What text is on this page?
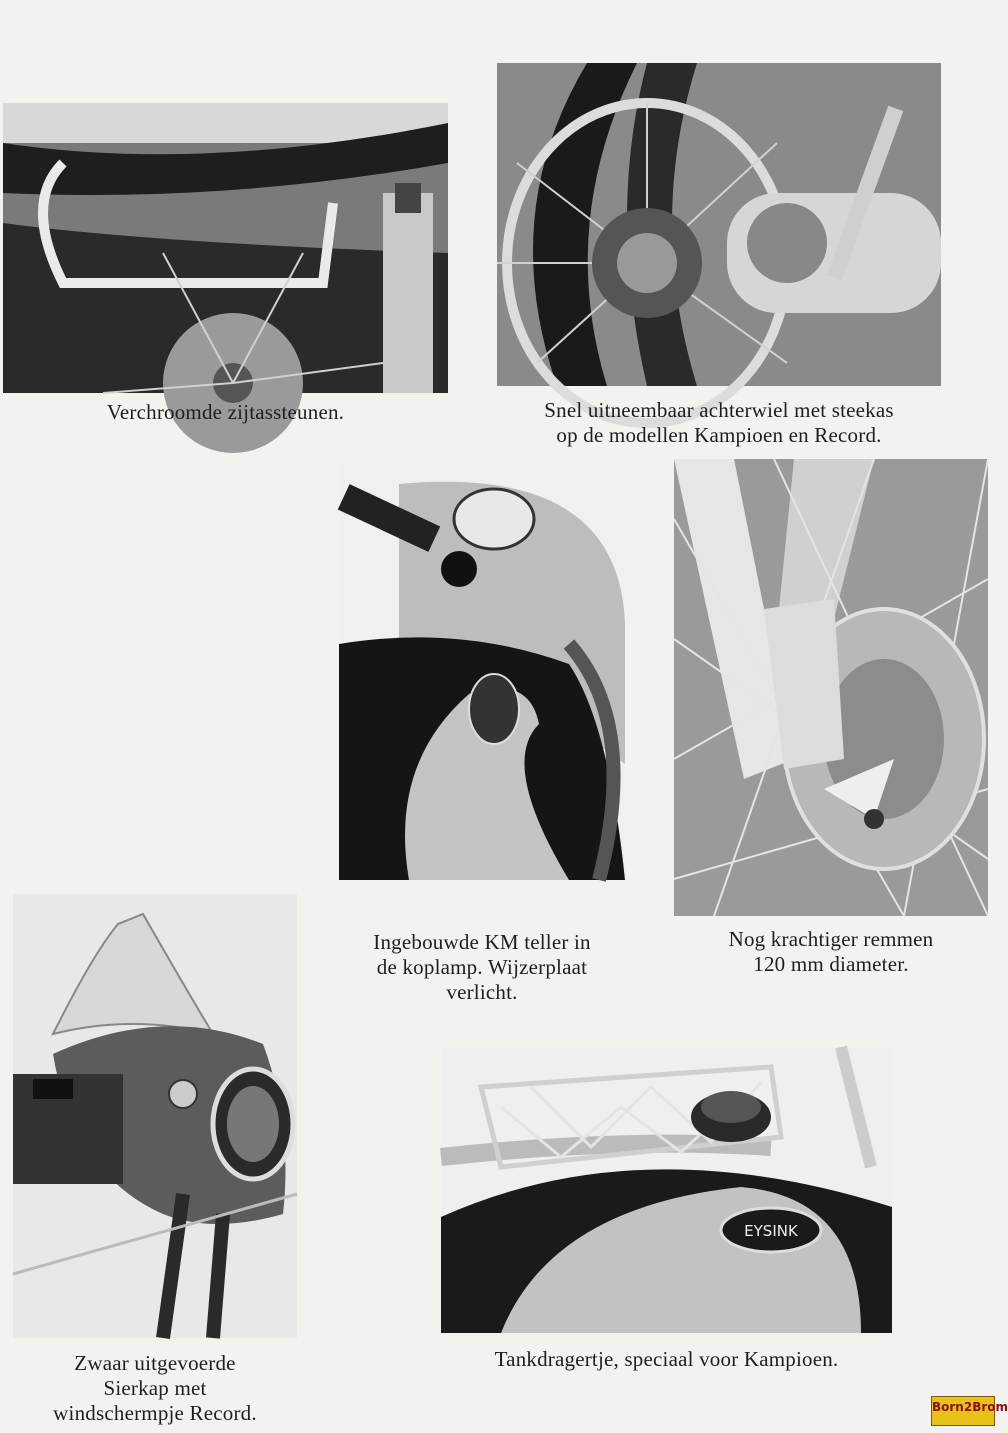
Verchroomde zijtassteunen.	Snel uitneembaar achterwiel met steekas
op de modellen Kampioen en Record.
Ingebouwde KM teller in
de koplamp. Wijzerplaat
verlicht.
Nog krachtiger remmen
120 mm diameter.
Zwaar uitgevoerde
Sierkap met
windschermpje Record.
EYSINK
Tankdragertje, speciaal voor Kampioen.
Born2Brom
